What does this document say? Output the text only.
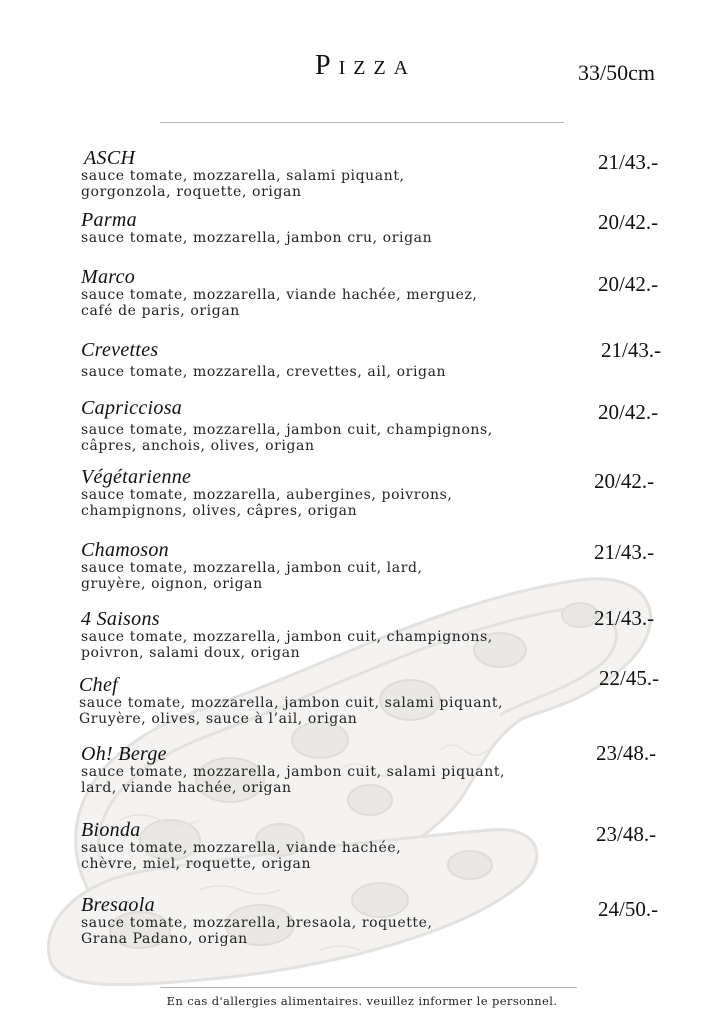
Pizza	33/50cm
ASCH
sauce tomate, mozzarella, salami piquant,
gorgonzola, roquette, origan
21/43.-
Parma
sauce tomate, mozzarella, jambon cru, origan
20/42.-
Marco
sauce tomate, mozzarella, viande hachée, merguez,
café de paris, origan
20/42.-
Crevettes
sauce tomate, mozzarella, crevettes, ail, origan
21/43.-
Capricciosa
sauce tomate, mozzarella, jambon cuit, champignons,
câpres, anchois, olives, origan
20/42.-
Végétarienne
sauce tomate, mozzarella, aubergines, poivrons,
champignons, olives, câpres, origan
20/42.-
Chamoson
sauce tomate, mozzarella, jambon cuit, lard,
gruyère, oignon, origan
21/43.-
4 Saisons
sauce tomate, mozzarella, jambon cuit, champignons,
poivron, salami doux, origan
21/43.-
Chef
sauce tomate, mozzarella, jambon cuit, salami piquant,
Gruyère, olives, sauce à l’ail, origan
22/45.-
Oh! Berge
sauce tomate, mozzarella, jambon cuit, salami piquant,
lard, viande hachée, origan
23/48.-
Bionda
sauce tomate, mozzarella, viande hachée,
chèvre, miel, roquette, origan
23/48.-
Bresaola
sauce tomate, mozzarella, bresaola, roquette,
Grana Padano, origan
24/50.-
En cas d'allergies alimentaires. veuillez informer le personnel.
